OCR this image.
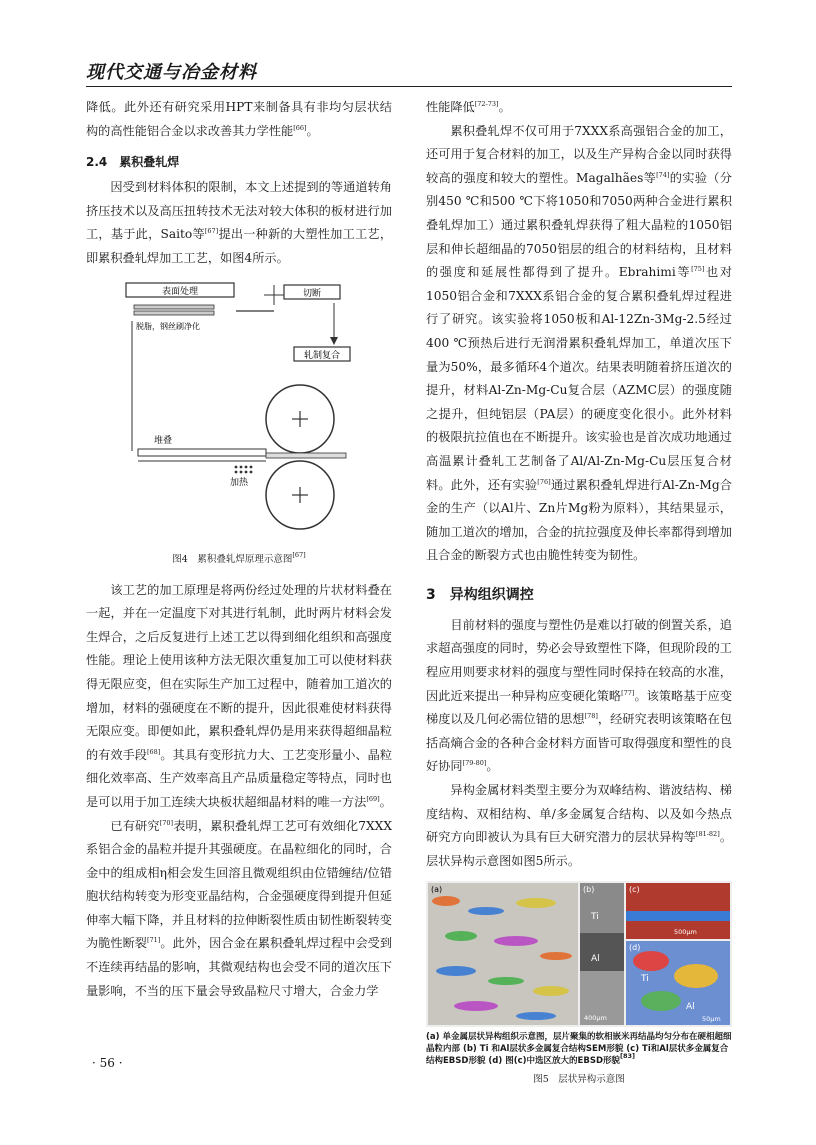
现代交通与冶金材料

降低。此外还有研究采用HPT来制备具有非均匀层状结构的高性能铝合金以求改善其力学性能[66]。

2.4　累积叠轧焊

因受到材料体积的限制，本文上述提到的等通道转角挤压技术以及高压扭转技术无法对较大体积的板材进行加工，基于此，Saito等[67]提出一种新的大塑性加工工艺，即累积叠轧焊加工工艺，如图4所示。

表面处理
脱脂，钢丝刷净化
切断
轧制复合
堆叠
加热
图4　累积叠轧焊原理示意图[67]

该工艺的加工原理是将两份经过处理的片状材料叠在一起，并在一定温度下对其进行轧制，此时两片材料会发生焊合，之后反复进行上述工艺以得到细化组织和高强度性能。理论上使用该种方法无限次重复加工可以使材料获得无限应变，但在实际生产加工过程中，随着加工道次的增加，材料的强硬度在不断的提升，因此很难使材料获得无限应变。即便如此，累积叠轧焊仍是用来获得超细晶粒的有效手段[68]。其具有变形抗力大、工艺变形量小、晶粒细化效率高、生产效率高且产品质量稳定等特点，同时也是可以用于加工连续大块板状超细晶材料的唯一方法[69]。

已有研究[70]表明，累积叠轧焊工艺可有效细化7XXX系铝合金的晶粒并提升其强硬度。在晶粒细化的同时，合金中的组成相η相会发生回溶且微观组织由位错缠结/位错胞状结构转变为形变亚晶结构，合金强硬度得到提升但延伸率大幅下降，并且材料的拉伸断裂性质由韧性断裂转变为脆性断裂[71]。此外，因合金在累积叠轧焊过程中会受到不连续再结晶的影响，其微观结构也会受不同的道次压下量影响，不当的压下量会导致晶粒尺寸增大，合金力学

性能降低[72-73]。

累积叠轧焊不仅可用于7XXX系高强铝合金的加工，还可用于复合材料的加工，以及生产异构合金以同时获得较高的强度和较大的塑性。Magalhães等[74]的实验（分别450 ℃和500 ℃下将1050和7050两种合金进行累积叠轧焊加工）通过累积叠轧焊获得了粗大晶粒的1050铝层和伸长超细晶的7050铝层的组合的材料结构，且材料的强度和延展性都得到了提升。Ebrahimi等[75]也对1050铝合金和7XXX系铝合金的复合累积叠轧焊过程进行了研究。该实验将1050板和Al-12Zn-3Mg-2.5经过400 ℃预热后进行无润滑累积叠轧焊加工，单道次压下量为50%，最多循环4个道次。结果表明随着挤压道次的提升，材料Al-Zn-Mg-Cu复合层（AZMC层）的强度随之提升，但纯铝层（PA层）的硬度变化很小。此外材料的极限抗拉值也在不断提升。该实验也是首次成功地通过高温累计叠轧工艺制备了Al/Al-Zn-Mg-Cu层压复合材料。此外，还有实验[76]通过累积叠轧焊进行Al-Zn-Mg合金的生产（以Al片、Zn片Mg粉为原料），其结果显示，随加工道次的增加，合金的抗拉强度及伸长率都得到增加且合金的断裂方式也由脆性转变为韧性。

3　异构组织调控

目前材料的强度与塑性仍是难以打破的倒置关系，追求超高强度的同时，势必会导致塑性下降，但现阶段的工程应用则要求材料的强度与塑性同时保持在较高的水准，因此近来提出一种异构应变硬化策略[77]。该策略基于应变梯度以及几何必需位错的思想[78]，经研究表明该策略在包括高熵合金的各种合金材料方面皆可取得强度和塑性的良好协同[79-80]。

异构金属材料类型主要分为双峰结构、谐波结构、梯度结构、双相结构、单/多金属复合结构、以及如今热点研究方向即被认为具有巨大研究潜力的层状异构等[81-82]。层状异构示意图如图5所示。

(a)	(b)
Ti
Al
400μm
(c)
500μm
(d)
Ti
Al
50μm
(a) 单金属层状异构组织示意图，层片聚集的软相嵌米再结晶均匀分布在硬相超细晶粒内部 (b) Ti 和Al层状多金属复合结构SEM形貌 (c) Ti和Al层状多金属复合结构EBSD形貌 (d) 图(c)中选区放大的EBSD形貌[83]
图5　层状异构示意图
· 56 ·
